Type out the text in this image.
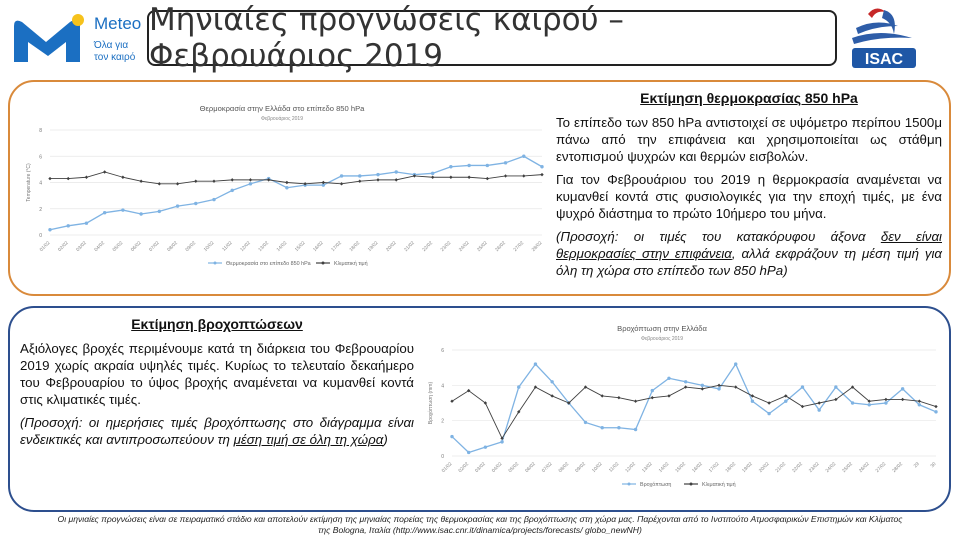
Meteo
Όλα για τον καιρό
Μηνιαίες προγνώσεις καιρού – Φεβρουάριος 2019	ISAC
Θερμοκρασία στην Ελλάδα στο επίπεδο 850 hPa
Φεβρουάριος 2019
0
2
4
6
8
Temperature (°C)
01/02 02/02 03/02 04/02 05/02 06/02 07/02 08/02 09/02 10/02 11/02 12/02 13/02 14/02 15/02 16/02 17/02 18/02 19/02 20/02 21/02 22/02 23/02 24/02 25/02 26/02 27/02 28/02
Θερμοκρασία στο επίπεδο 850 hPa	Κλιματική τιμή
Εκτίμηση θερμοκρασίας 850 hPa

Το επίπεδο των 850 hPa αντιστοιχεί σε υψόμετρο περίπου 1500μ πάνω από την επιφάνεια και χρησιμοποιείται ως στάθμη εντοπισμού ψυχρών και θερμών εισβολών.

Για τον Φεβρουάριου του 2019 η θερμοκρασία αναμένεται να κυμανθεί κοντά στις φυσιολογικές για την εποχή τιμές, με ένα ψυχρό διάστημα το πρώτο 10ήμερο του μήνα.

(Προσοχή: οι τιμές του κατακόρυφου άξονα δεν είναι θερμοκρασίες στην επιφάνεια, αλλά εκφράζουν τη μέση τιμή για όλη τη χώρα στο επίπεδο των 850 hPa)

Εκτίμηση βροχοπτώσεων

Αξιόλογες βροχές περιμένουμε κατά τη διάρκεια του Φεβρουαρίου 2019 χωρίς ακραία υψηλές τιμές. Κυρίως το τελευταίο δεκαήμερο του Φεβρουαρίου το ύψος βροχής αναμένεται να κυμανθεί κοντά στις κλιματικές τιμές.

(Προσοχή: οι ημερήσιες τιμές βροχόπτωσης στο διάγραμμα είναι ενδεικτικές και αντιπροσωπεύουν τη μέση τιμή σε όλη τη χώρα)

Βροχόπτωση στην Ελλάδα
Φεβρουάριος 2019
0
2
4
6
Βροχόπτωση (mm)
01/02 02/02 03/02 04/02 05/02 06/02 07/02 08/02 09/02 10/02 11/02 12/02 13/02 14/02 15/02 16/02 17/02 18/02 19/02 20/02 21/02 22/02 23/02 24/02 25/02 26/02 27/02 28/02 29 30
Βροχόπτωση	Κλιματική τιμή
Οι μηνιαίες προγνώσεις είναι σε πειραματικό στάδιο και αποτελούν εκτίμηση της μηνιαίας πορείας της θερμοκρασίας και της βροχόπτωσης στη χώρα μας. Παρέχονται από το Ινστιτούτο Ατμοσφαιρικών Επιστημών και Κλίματος
της Bologna, Ιταλία (http://www.isac.cnr.it/dinamica/projects/forecasts/ globo_newNH)
